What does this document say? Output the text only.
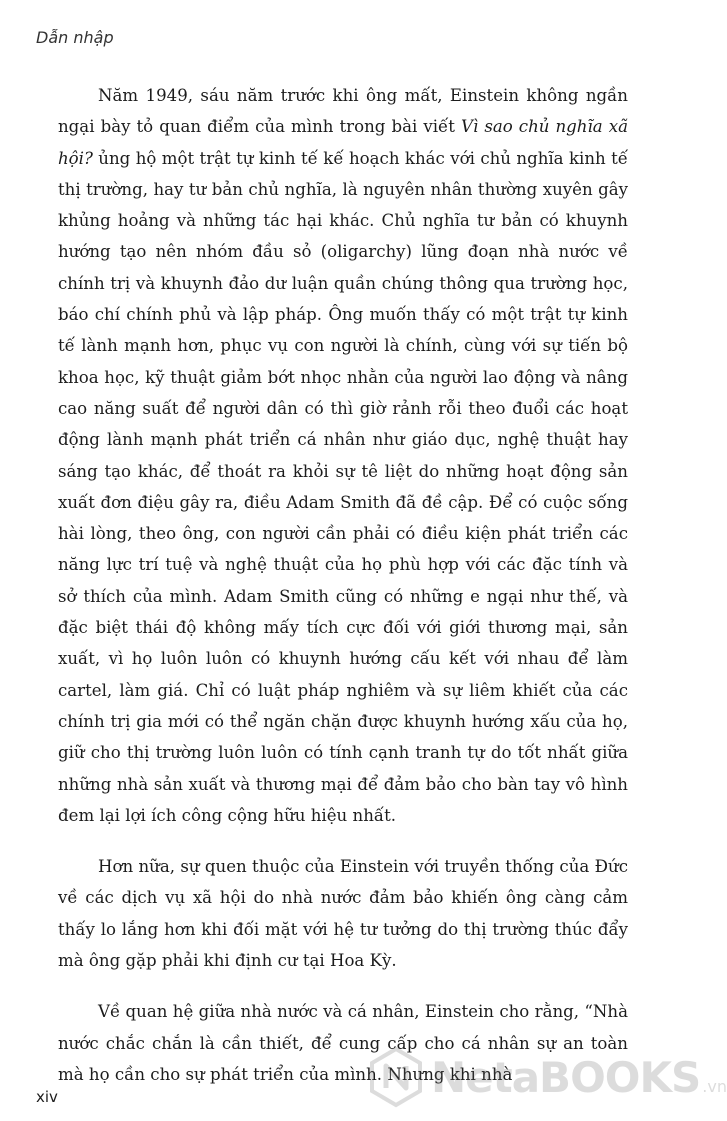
Dẫn nhập

Năm 1949, sáu năm trước khi ông mất, Einstein không ngần ngại bày tỏ quan điểm của mình trong bài viết Vì sao chủ nghĩa xã hội? ủng hộ một trật tự kinh tế kế hoạch khác với chủ nghĩa kinh tế thị trường, hay tư bản chủ nghĩa, là nguyên nhân thường xuyên gây khủng hoảng và những tác hại khác. Chủ nghĩa tư bản có khuynh hướng tạo nên nhóm đầu sỏ (oligarchy) lũng đoạn nhà nước về chính trị và khuynh đảo dư luận quần chúng thông qua trường học, báo chí chính phủ và lập pháp. Ông muốn thấy có một trật tự kinh tế lành mạnh hơn, phục vụ con người là chính, cùng với sự tiến bộ khoa học, kỹ thuật giảm bớt nhọc nhằn của người lao động và nâng cao năng suất để người dân có thì giờ rảnh rỗi theo đuổi các hoạt động lành mạnh phát triển cá nhân như giáo dục, nghệ thuật hay sáng tạo khác, để thoát ra khỏi sự tê liệt do những hoạt động sản xuất đơn điệu gây ra, điều Adam Smith đã đề cập. Để có cuộc sống hài lòng, theo ông, con người cần phải có điều kiện phát triển các năng lực trí tuệ và nghệ thuật của họ phù hợp với các đặc tính và sở thích của mình. Adam Smith cũng có những e ngại như thế, và đặc biệt thái độ không mấy tích cực đối với giới thương mại, sản xuất, vì họ luôn luôn có khuynh hướng cấu kết với nhau để làm cartel, làm giá. Chỉ có luật pháp nghiêm và sự liêm khiết của các chính trị gia mới có thể ngăn chặn được khuynh hướng xấu của họ, giữ cho thị trường luôn luôn có tính cạnh tranh tự do tốt nhất giữa những nhà sản xuất và thương mại để đảm bảo cho bàn tay vô hình đem lại lợi ích công cộng hữu hiệu nhất.

Hơn nữa, sự quen thuộc của Einstein với truyền thống của Đức về các dịch vụ xã hội do nhà nước đảm bảo khiến ông càng cảm thấy lo lắng hơn khi đối mặt với hệ tư tưởng do thị trường thúc đẩy mà ông gặp phải khi định cư tại Hoa Kỳ.

Về quan hệ giữa nhà nước và cá nhân, Einstein cho rằng, “Nhà nước chắc chắn là cần thiết, để cung cấp cho cá nhân sự an toàn mà họ cần cho sự phát triển của mình. Nhưng khi nhà

xiv	NetaBOOKS .vn
